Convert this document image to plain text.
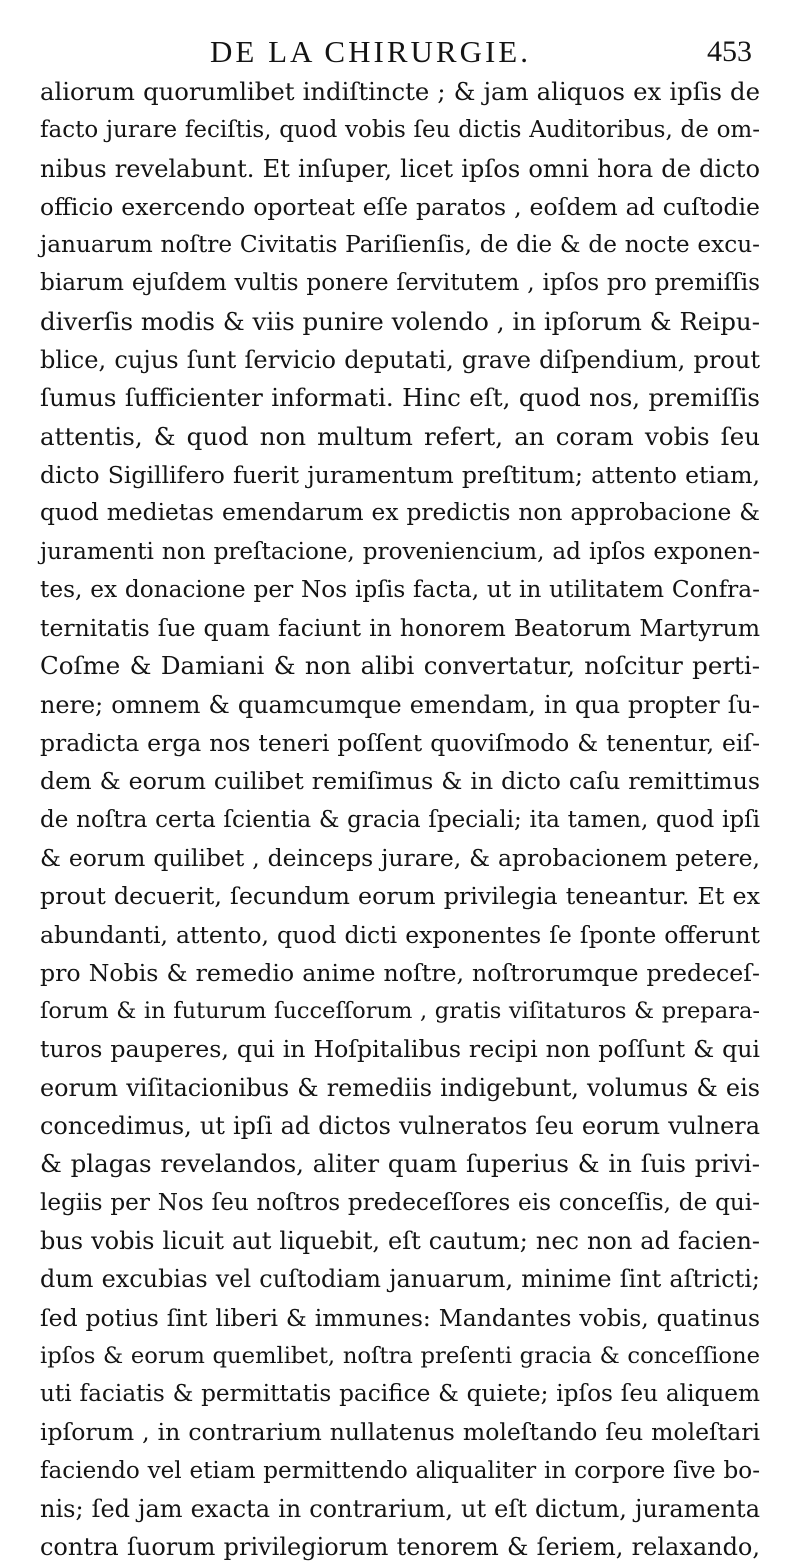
DE LA CHIRURGIE.	453
aliorum quorumlibet indiſtincte ; & jam aliquos ex ipſis de
facto jurare feciſtis, quod vobis ſeu dictis Auditoribus, de om-
nibus revelabunt. Et inſuper, licet ipſos omni hora de dicto
officio exercendo oporteat eſſe paratos , eoſdem ad cuſtodie
januarum noſtre Civitatis Pariſienſis, de die & de nocte excu-
biarum ejuſdem vultis ponere ſervitutem , ipſos pro premiſſis
diverſis modis & viis punire volendo , in ipſorum & Reipu-
blice, cujus ſunt ſervicio deputati, grave diſpendium, prout
ſumus ſufficienter informati. Hinc eſt, quod nos, premiſſis
attentis, & quod non multum refert, an coram vobis ſeu
dicto Sigillifero fuerit juramentum preſtitum; attento etiam,
quod medietas emendarum ex predictis non approbacione &
juramenti non preſtacione, proveniencium, ad ipſos exponen-
tes, ex donacione per Nos ipſis facta, ut in utilitatem Confra-
ternitatis ſue quam faciunt in honorem Beatorum Martyrum
Coſme & Damiani & non alibi convertatur, noſcitur perti-
nere; omnem & quamcumque emendam, in qua propter ſu-
pradicta erga nos teneri poſſent quoviſmodo & tenentur, eiſ-
dem & eorum cuilibet remiſimus & in dicto caſu remittimus
de noſtra certa ſcientia & gracia ſpeciali; ita tamen, quod ipſi
& eorum quilibet , deinceps jurare, & aprobacionem petere,
prout decuerit, ſecundum eorum privilegia teneantur. Et ex
abundanti, attento, quod dicti exponentes ſe ſponte offerunt
pro Nobis & remedio anime noſtre, noſtrorumque predeceſ-
ſorum & in futurum ſucceſſorum , gratis viſitaturos & prepara-
turos pauperes, qui in Hoſpitalibus recipi non poſſunt & qui
eorum viſitacionibus & remediis indigebunt, volumus & eis
concedimus, ut ipſi ad dictos vulneratos ſeu eorum vulnera
& plagas revelandos, aliter quam ſuperius & in ſuis privi-
legiis per Nos ſeu noſtros predeceſſores eis conceſſis, de qui-
bus vobis licuit aut liquebit, eſt cautum; nec non ad facien-
dum excubias vel cuſtodiam januarum, minime ſint aſtricti;
ſed potius ſint liberi & immunes: Mandantes vobis, quatinus
ipſos & eorum quemlibet, noſtra preſenti gracia & conceſſione
uti faciatis & permittatis pacifice & quiete; ipſos ſeu aliquem
ipſorum , in contrarium nullatenus moleſtando ſeu moleſtari
faciendo vel etiam permittendo aliqualiter in corpore ſive bo-
nis; ſed jam exacta in contrarium, ut eſt dictum, juramenta
contra ſuorum privilegiorum tenorem & ſeriem, relaxando,
